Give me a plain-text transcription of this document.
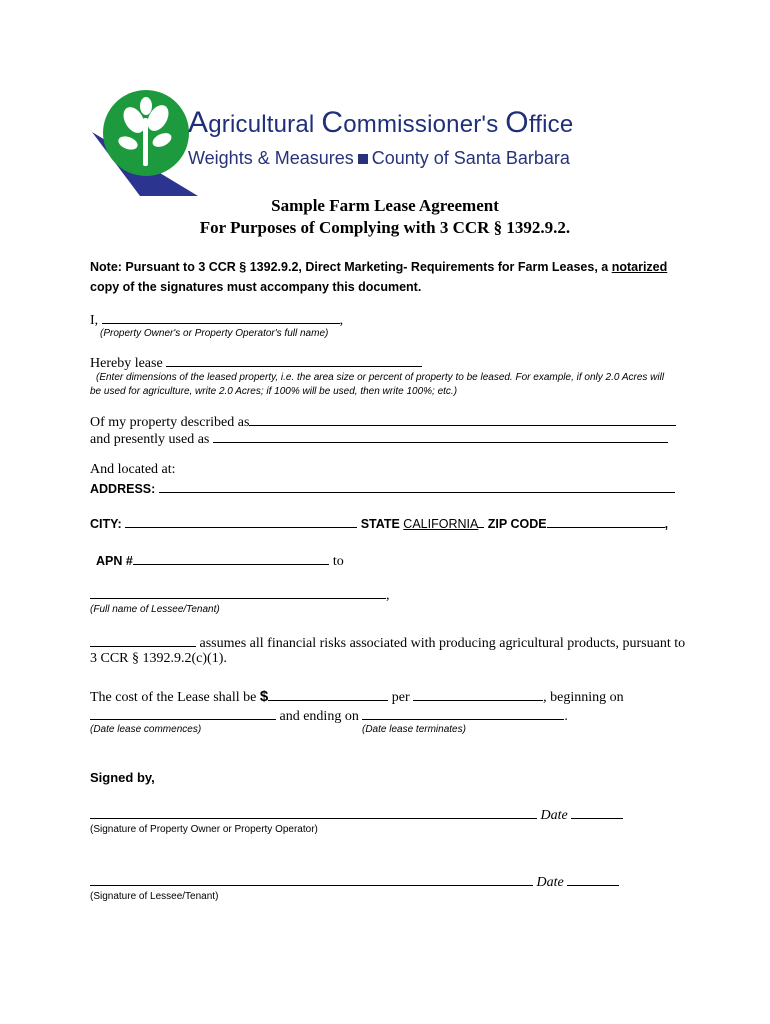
Agricultural Commissioner's Office
Weights & Measures County of Santa Barbara
Sample Farm Lease Agreement
For Purposes of Complying with 3 CCR § 1392.9.2.
Note: Pursuant to 3 CCR § 1392.9.2, Direct Marketing- Requirements for Farm Leases, a notarized copy of the signatures must accompany this document.
I,	,
(Property Owner's or Property Operator's full name)
Hereby lease
(Enter dimensions of the leased property, i.e. the area size or percent of property to be leased. For example, if only 2.0 Acres will
be used for agriculture, write 2.0 Acres; if 100% will be used, then write 100%; etc.)
Of my property described as
and presently used as
And located at:
ADDRESS:
CITY:	STATE CALIFORNIA ZIP CODE	,
APN #	to
,
(Full name of Lessee/Tenant)
assumes all financial risks associated with producing agricultural products, pursuant to
3 CCR § 1392.9.2(c)(1).
The cost of the Lease shall be $	per	, beginning on
and ending on	.
(Date lease commences)	(Date lease terminates)
Signed by,
Date
(Signature of Property Owner or Property Operator)
Date
(Signature of Lessee/Tenant)
